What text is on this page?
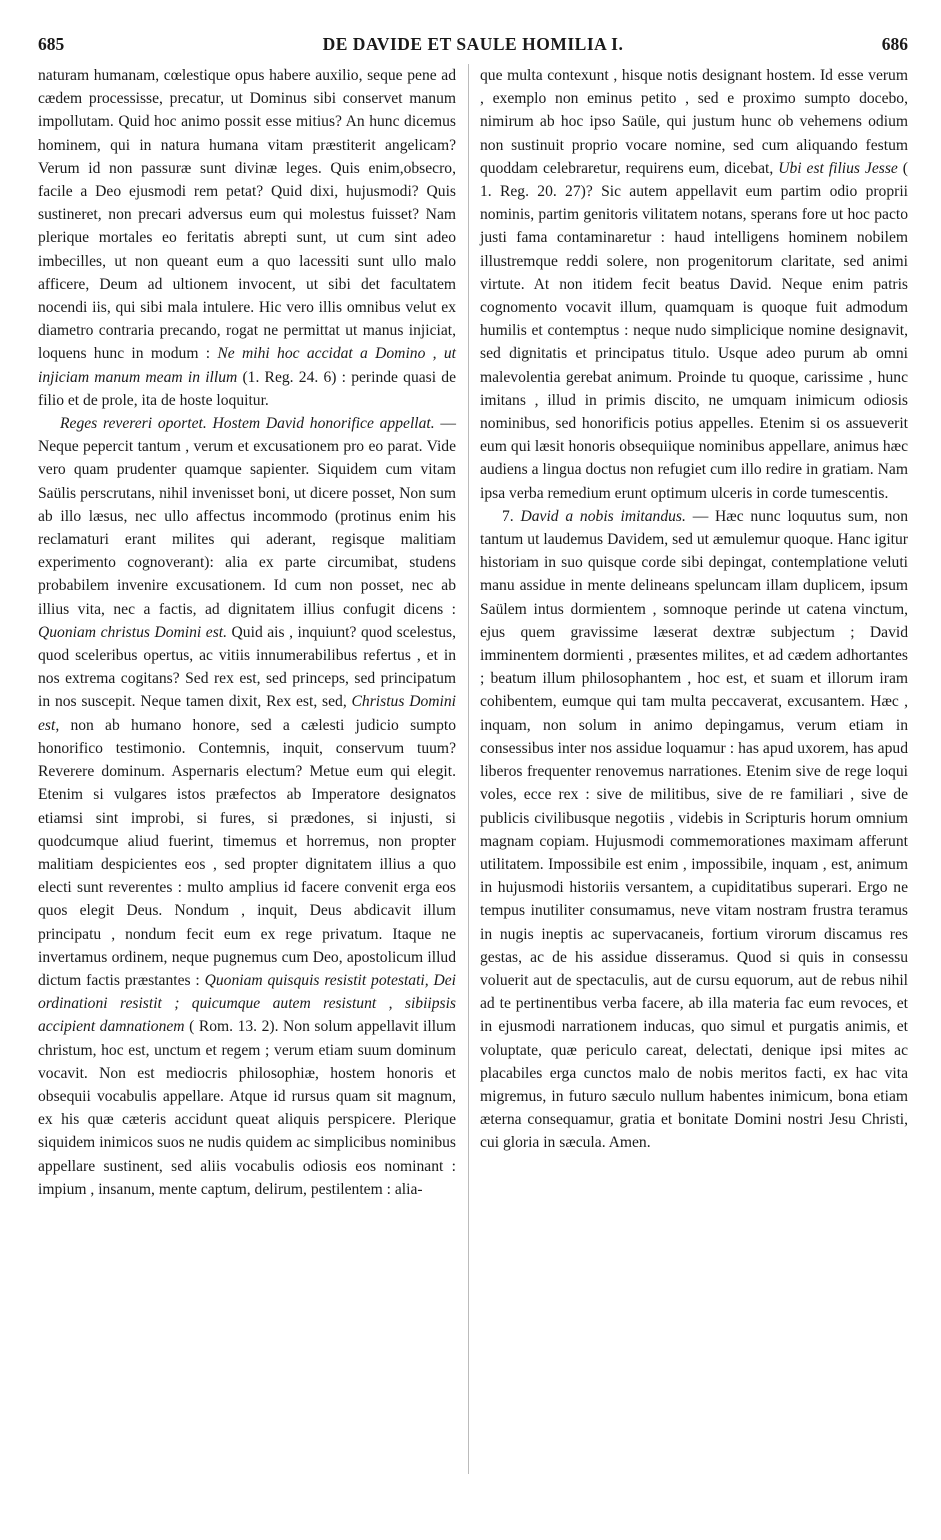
685	DE DAVIDE ET SAULE HOMILIA I.	686

naturam humanam, cœlestique opus habere auxilio, seque pene ad cædem processisse, precatur, ut Dominus sibi conservet manum impollutam. Quid hoc animo possit esse mitius? An hunc dicemus hominem, qui in natura humana vitam præstiterit angelicam? Verum id non passuræ sunt divinæ leges. Quis enim,obsecro, facile a Deo ejusmodi rem petat? Quid dixi, hujusmodi? Quis sustineret, non precari adversus eum qui molestus fuisset? Nam plerique mortales eo feritatis abrepti sunt, ut cum sint adeo imbecilles, ut non queant eum a quo lacessiti sunt ullo malo afficere, Deum ad ultionem invocent, ut sibi det facultatem nocendi iis, qui sibi mala intulere. Hic vero illis omnibus velut ex diametro contraria precando, rogat ne permittat ut manus injiciat, loquens hunc in modum : Ne mihi hoc accidat a Domino , ut injiciam manum meam in illum (1. Reg. 24. 6) : perinde quasi de filio et de prole, ita de hoste loquitur.

Reges revereri oportet. Hostem David honorifice appellat. — Neque pepercit tantum , verum et excusationem pro eo parat. Vide vero quam prudenter quamque sapienter. Siquidem cum vitam Saülis perscrutans, nihil invenisset boni, ut dicere posset, Non sum ab illo læsus, nec ullo affectus incommodo (protinus enim his reclamaturi erant milites qui aderant, regisque malitiam experimento cognoverant): alia ex parte circumibat, studens probabilem invenire excusationem. Id cum non posset, nec ab illius vita, nec a factis, ad dignitatem illius confugit dicens : Quoniam christus Domini est. Quid ais , inquiunt? quod scelestus, quod sceleribus opertus, ac vitiis innumerabilibus refertus , et in nos extrema cogitans? Sed rex est, sed princeps, sed principatum in nos suscepit. Neque tamen dixit, Rex est, sed, Christus Domini est, non ab humano honore, sed a cælesti judicio sumpto honorifico testimonio. Contemnis, inquit, conservum tuum? Reverere dominum. Aspernaris electum? Metue eum qui elegit. Etenim si vulgares istos præfectos ab Imperatore designatos etiamsi sint improbi, si fures, si prædones, si injusti, si quodcumque aliud fuerint, timemus et horremus, non propter malitiam despicientes eos , sed propter dignitatem illius a quo electi sunt reverentes : multo amplius id facere convenit erga eos quos elegit Deus. Nondum , inquit, Deus abdicavit illum principatu , nondum fecit eum ex rege privatum. Itaque ne invertamus ordinem, neque pugnemus cum Deo, apostolicum illud dictum factis præstantes : Quoniam quisquis resistit potestati, Dei ordinationi resistit ; quicumque autem resistunt , sibiipsis accipient damnationem ( Rom. 13. 2). Non solum appellavit illum christum, hoc est, unctum et regem ; verum etiam suum dominum vocavit. Non est mediocris philosophiæ, hostem honoris et obsequii vocabulis appellare. Atque id rursus quam sit magnum, ex his quæ cæteris accidunt queat aliquis perspicere. Plerique siquidem inimicos suos ne nudis quidem ac simplicibus nominibus appellare sustinent, sed aliis vocabulis odiosis eos nominant : impium , insanum, mente captum, delirum, pestilentem : alia-

que multa contexunt , hisque notis designant hostem. Id esse verum , exemplo non eminus petito , sed e proximo sumpto docebo, nimirum ab hoc ipso Saüle, qui justum hunc ob vehemens odium non sustinuit proprio vocare nomine, sed cum aliquando festum quoddam celebraretur, requirens eum, dicebat, Ubi est filius Jesse ( 1. Reg. 20. 27)? Sic autem appellavit eum partim odio proprii nominis, partim genitoris vilitatem notans, sperans fore ut hoc pacto justi fama contaminaretur : haud intelligens hominem nobilem illustremque reddi solere, non progenitorum claritate, sed animi virtute. At non itidem fecit beatus David. Neque enim patris cognomento vocavit illum, quamquam is quoque fuit admodum humilis et contemptus : neque nudo simplicique nomine designavit, sed dignitatis et principatus titulo. Usque adeo purum ab omni malevolentia gerebat animum. Proinde tu quoque, carissime , hunc imitans , illud in primis discito, ne umquam inimicum odiosis nominibus, sed honorificis potius appelles. Etenim si os assueverit eum qui læsit honoris obsequiique nominibus appellare, animus hæc audiens a lingua doctus non refugiet cum illo redire in gratiam. Nam ipsa verba remedium erunt optimum ulceris in corde tumescentis.

7. David a nobis imitandus. — Hæc nunc loquutus sum, non tantum ut laudemus Davidem, sed ut æmulemur quoque. Hanc igitur historiam in suo quisque corde sibi depingat, contemplatione veluti manu assidue in mente delineans speluncam illam duplicem, ipsum Saülem intus dormientem , somnoque perinde ut catena vinctum, ejus quem gravissime læserat dextræ subjectum ; David imminentem dormienti , præsentes milites, et ad cædem adhortantes ; beatum illum philosophantem , hoc est, et suam et illorum iram cohibentem, eumque qui tam multa peccaverat, excusantem. Hæc , inquam, non solum in animo depingamus, verum etiam in consessibus inter nos assidue loquamur : has apud uxorem, has apud liberos frequenter renovemus narrationes. Etenim sive de rege loqui voles, ecce rex : sive de militibus, sive de re familiari , sive de publicis civilibusque negotiis , videbis in Scripturis horum omnium magnam copiam. Hujusmodi commemorationes maximam afferunt utilitatem. Impossibile est enim , impossibile, inquam , est, animum in hujusmodi historiis versantem, a cupiditatibus superari. Ergo ne tempus inutiliter consumamus, neve vitam nostram frustra teramus in nugis ineptis ac supervacaneis, fortium virorum discamus res gestas, ac de his assidue disseramus. Quod si quis in consessu voluerit aut de spectaculis, aut de cursu equorum, aut de rebus nihil ad te pertinentibus verba facere, ab illa materia fac eum revoces, et in ejusmodi narrationem inducas, quo simul et purgatis animis, et voluptate, quæ periculo careat, delectati, denique ipsi mites ac placabiles erga cunctos malo de nobis meritos facti, ex hac vita migremus, in futuro sæculo nullum habentes inimicum, bona etiam æterna consequamur, gratia et bonitate Domini nostri Jesu Christi, cui gloria in sæcula. Amen.
